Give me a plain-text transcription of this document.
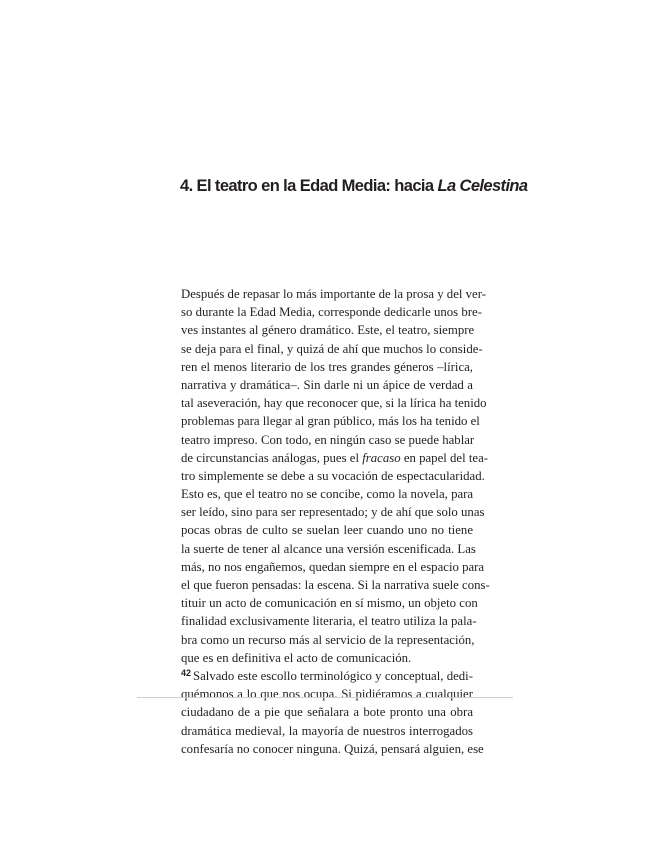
4. El teatro en la Edad Media: hacia La Celestina
Después de repasar lo más importante de la prosa y del ver-
so durante la Edad Media, corresponde dedicarle unos bre-
ves instantes al género dramático. Este, el teatro, siempre
se deja para el final, y quizá de ahí que muchos lo conside-
ren el menos literario de los tres grandes géneros –lírica,
narrativa y dramática–. Sin darle ni un ápice de verdad a
tal aseveración, hay que reconocer que, si la lírica ha tenido
problemas para llegar al gran público, más los ha tenido el
teatro impreso. Con todo, en ningún caso se puede hablar
de circunstancias análogas, pues el fracaso en papel del tea-
tro simplemente se debe a su vocación de espectacularidad.
Esto es, que el teatro no se concibe, como la novela, para
ser leído, sino para ser representado; y de ahí que solo unas
pocas obras de culto se suelan leer cuando uno no tiene
la suerte de tener al alcance una versión escenificada. Las
más, no nos engañemos, quedan siempre en el espacio para
el que fueron pensadas: la escena. Si la narrativa suele cons-
tituir un acto de comunicación en sí mismo, un objeto con
finalidad exclusivamente literaria, el teatro utiliza la pala-
bra como un recurso más al servicio de la representación,
que es en definitiva el acto de comunicación.
Salvado este escollo terminológico y conceptual, dedi-
quémonos a lo que nos ocupa. Si pidiéramos a cualquier
ciudadano de a pie que señalara a bote pronto una obra
dramática medieval, la mayoría de nuestros interrogados
confesaría no conocer ninguna. Quizá, pensará alguien, ese
42
